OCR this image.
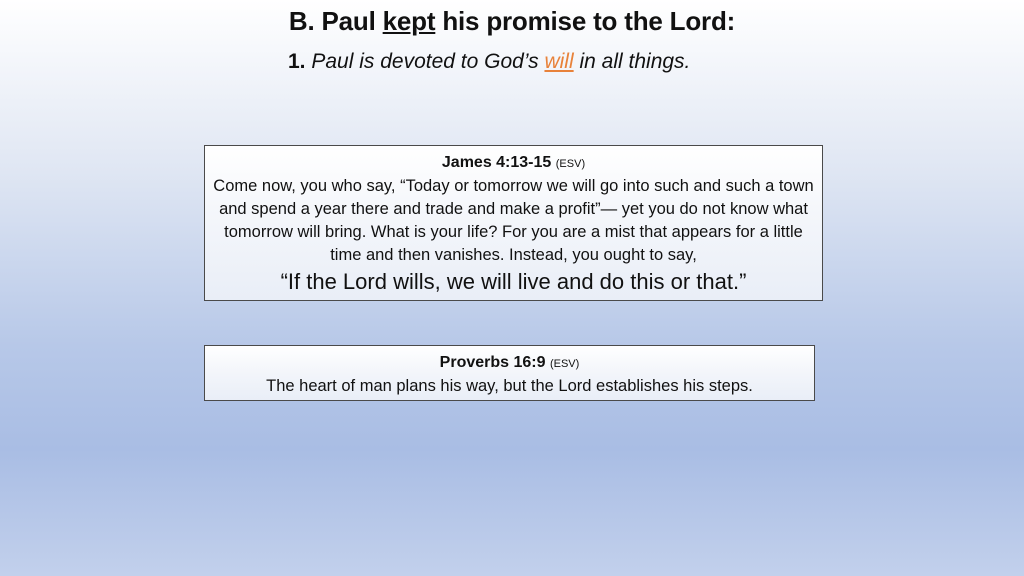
B. Paul kept his promise to the Lord:
1. Paul is devoted to God’s will in all things.
James 4:13-15 (ESV)
Come now, you who say, “Today or tomorrow we will go into such and such a town and spend a year there and trade and make a profit”— yet you do not know what tomorrow will bring. What is your life? For you are a mist that appears for a little time and then vanishes. Instead, you ought to say,
“If the Lord wills, we will live and do this or that.”
Proverbs 16:9 (ESV)
The heart of man plans his way, but the Lord establishes his steps.
